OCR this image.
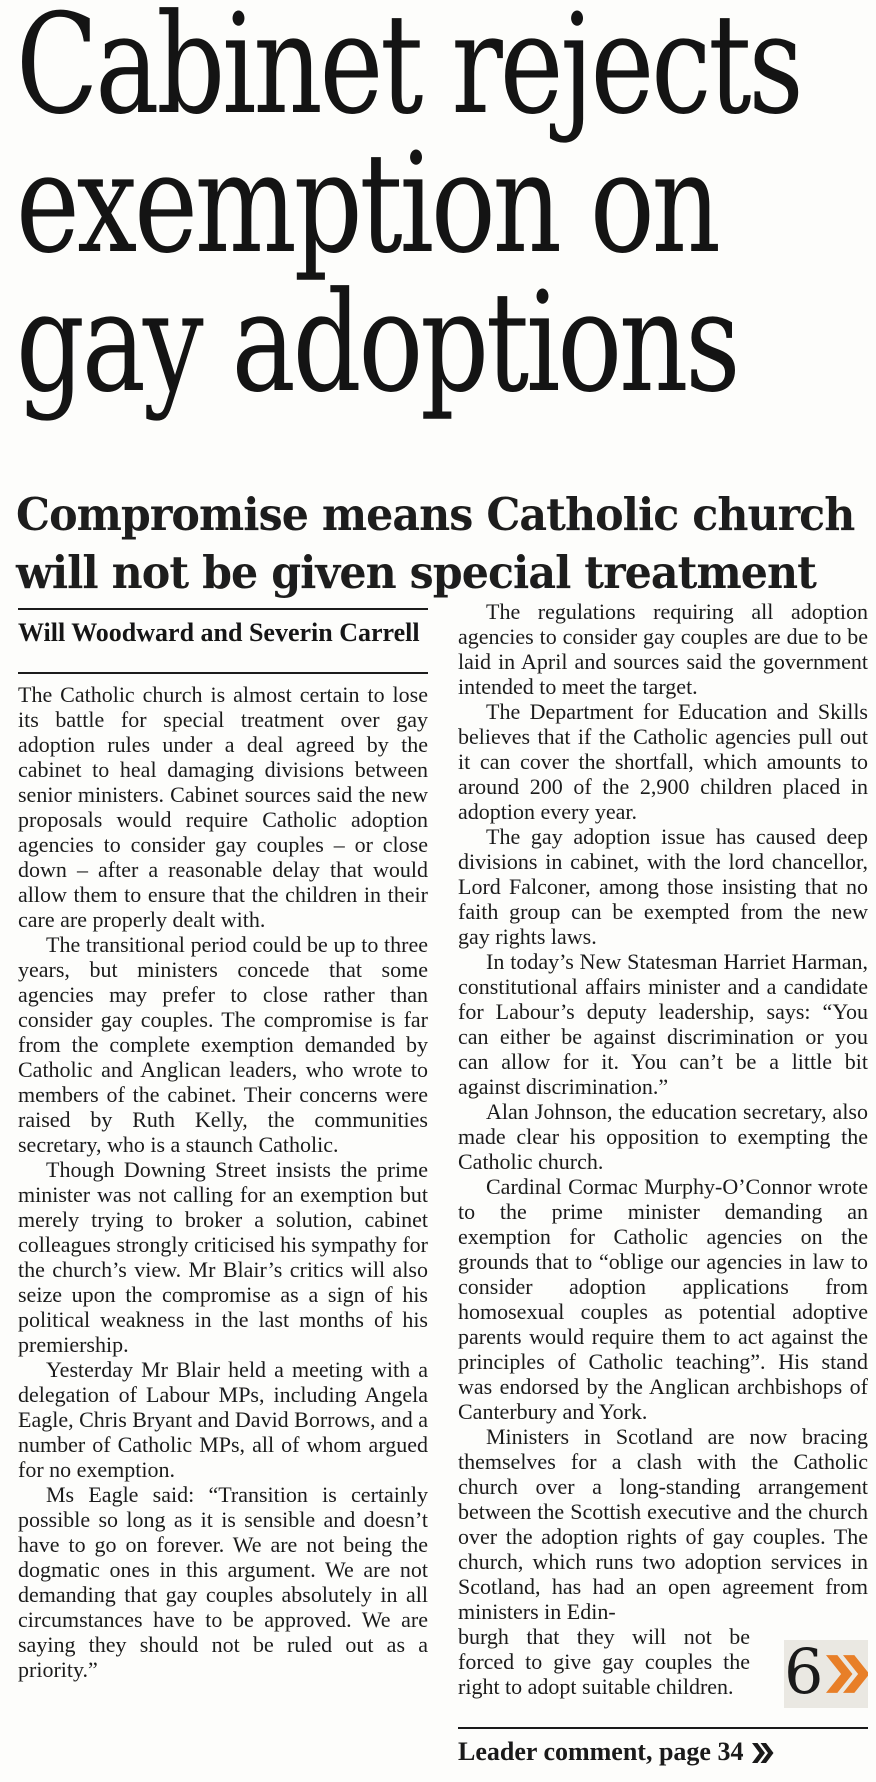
Cabinet rejects
exemption on
gay adoptions
Compromise means Catholic church
will not be given special treatment
Will Woodward and Severin Carrell

The Catholic church is almost certain to lose its battle for special treatment over gay adoption rules under a deal agreed by the cabinet to heal damaging divisions between senior ministers. Cabinet sources said the new proposals would require Catholic adoption agencies to consider gay couples – or close down – after a reasonable delay that would allow them to ensure that the children in their care are properly dealt with.

The transitional period could be up to three years, but ministers concede that some agencies may prefer to close rather than consider gay couples. The compromise is far from the complete exemption demanded by Catholic and Anglican leaders, who wrote to members of the cabinet. Their concerns were raised by Ruth Kelly, the communities secretary, who is a staunch Catholic.

Though Downing Street insists the prime minister was not calling for an exemption but merely trying to broker a solution, cabinet colleagues strongly criticised his sympathy for the church’s view. Mr Blair’s critics will also seize upon the compromise as a sign of his political weakness in the last months of his premiership.

Yesterday Mr Blair held a meeting with a delegation of Labour MPs, including Angela Eagle, Chris Bryant and David Borrows, and a number of Catholic MPs, all of whom argued for no exemption.

Ms Eagle said: “Transition is certainly possible so long as it is sensible and doesn’t have to go on forever. We are not being the dogmatic ones in this argument. We are not demanding that gay couples absolutely in all circumstances have to be approved. We are saying they should not be ruled out as a priority.”

The regulations requiring all adoption agencies to consider gay couples are due to be laid in April and sources said the government intended to meet the target.

The Department for Education and Skills believes that if the Catholic agencies pull out it can cover the shortfall, which amounts to around 200 of the 2,900 children placed in adoption every year.

The gay adoption issue has caused deep divisions in cabinet, with the lord chancellor, Lord Falconer, among those insisting that no faith group can be exempted from the new gay rights laws.

In today’s New Statesman Harriet Harman, constitutional affairs minister and a candidate for Labour’s deputy leadership, says: “You can either be against discrimination or you can allow for it. You can’t be a little bit against discrimination.”

Alan Johnson, the education secretary, also made clear his opposition to exempting the Catholic church.

Cardinal Cormac Murphy-O’Connor wrote to the prime minister demanding an exemption for Catholic agencies on the grounds that to “oblige our agencies in law to consider adoption applications from homosexual couples as potential adoptive parents would require them to act against the principles of Catholic teaching”. His stand was endorsed by the Anglican archbishops of Canterbury and York.

Ministers in Scotland are now bracing themselves for a clash with the Catholic church over a long-standing arrangement between the Scottish executive and the church over the adoption rights of gay couples. The church, which runs two adoption services in Scotland, has had an open agreement from ministers in Edin-

burgh that they will not be forced to give gay couples the right to adopt suitable children. 6
Leader comment, page 34
